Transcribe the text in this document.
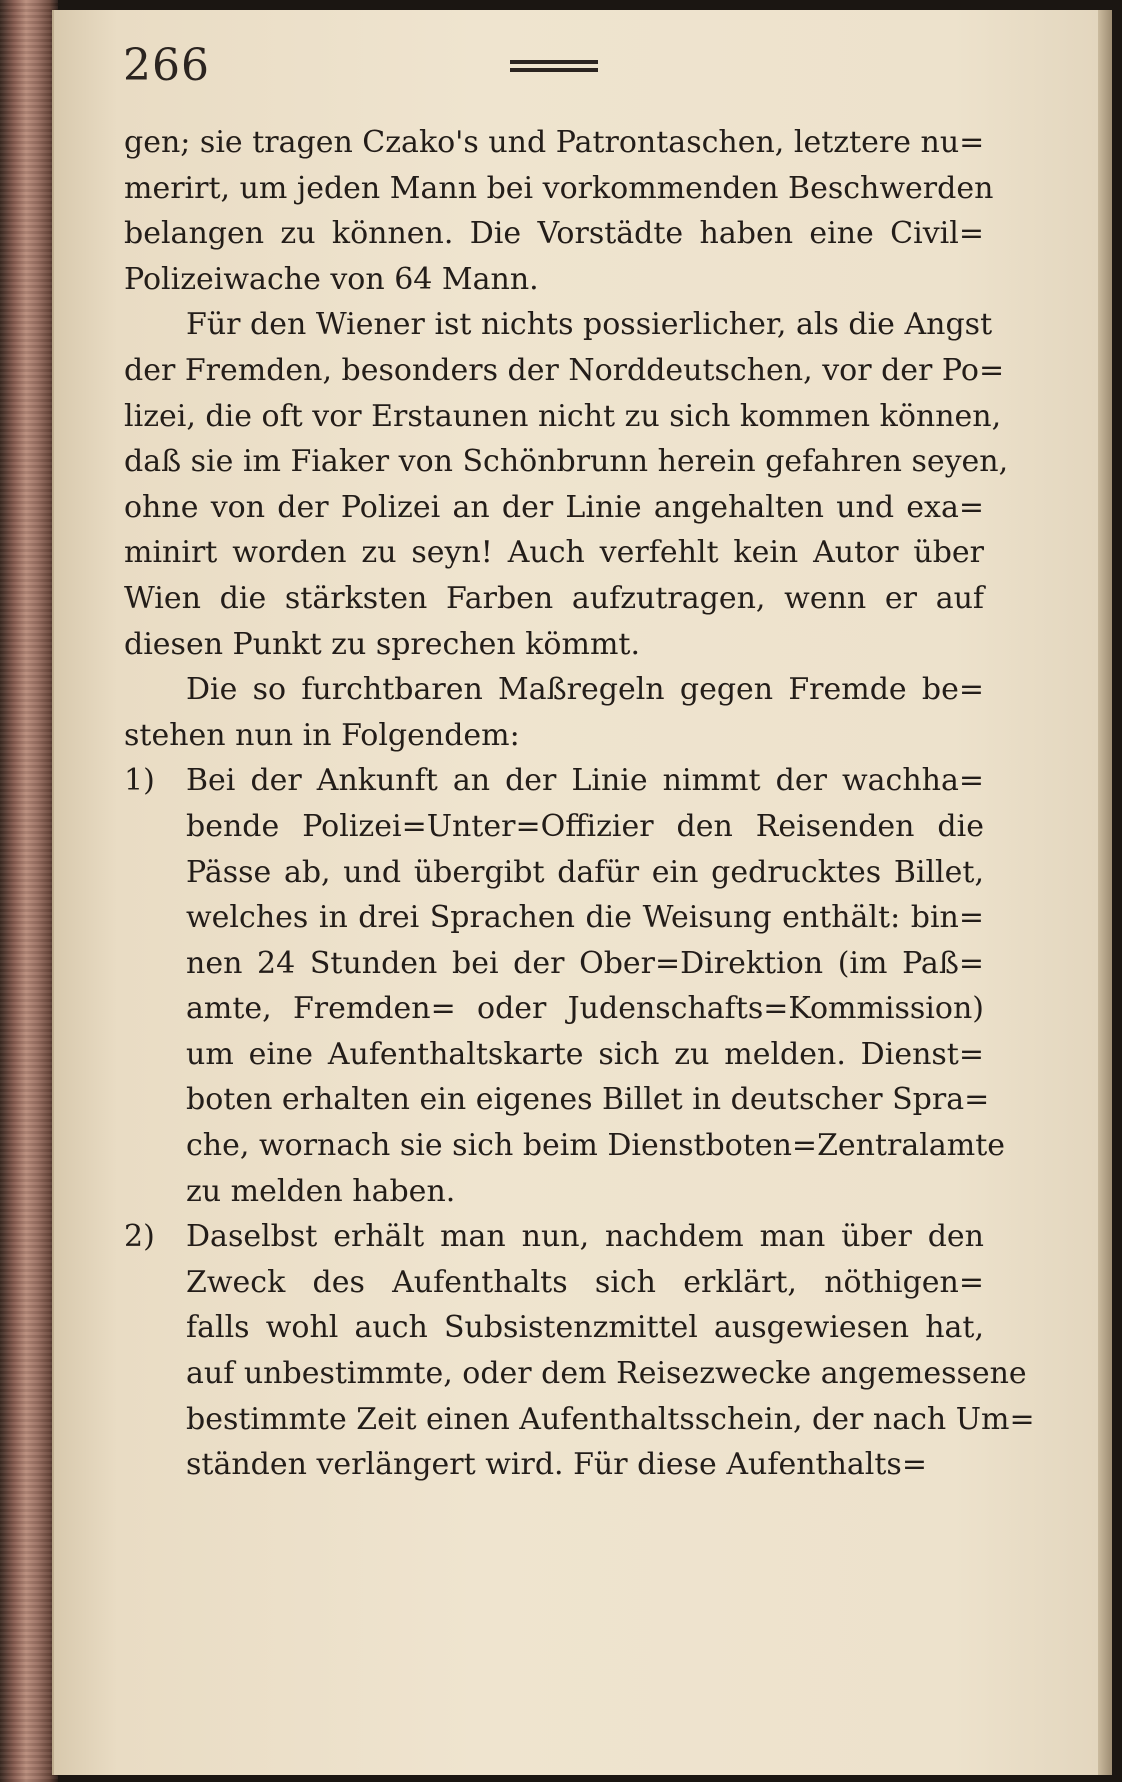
266
gen; sie tragen Czako's und Patrontaschen, letztere nu=
merirt, um jeden Mann bei vorkommenden Beschwerden
belangen zu können. Die Vorstädte haben eine Civil=
Polizeiwache von 64 Mann.
Für den Wiener ist nichts possierlicher, als die Angst
der Fremden, besonders der Norddeutschen, vor der Po=
lizei, die oft vor Erstaunen nicht zu sich kommen können,
daß sie im Fiaker von Schönbrunn herein gefahren seyen,
ohne von der Polizei an der Linie angehalten und exa=
minirt worden zu seyn! Auch verfehlt kein Autor über
Wien die stärksten Farben aufzutragen, wenn er auf
diesen Punkt zu sprechen kömmt.
Die so furchtbaren Maßregeln gegen Fremde be=
stehen nun in Folgendem:
1) Bei der Ankunft an der Linie nimmt der wachha=
bende Polizei=Unter=Offizier den Reisenden die
Pässe ab, und übergibt dafür ein gedrucktes Billet,
welches in drei Sprachen die Weisung enthält: bin=
nen 24 Stunden bei der Ober=Direktion (im Paß=
amte, Fremden= oder Judenschafts=Kommission)
um eine Aufenthaltskarte sich zu melden. Dienst=
boten erhalten ein eigenes Billet in deutscher Spra=
che, wornach sie sich beim Dienstboten=Zentralamte
zu melden haben.
2) Daselbst erhält man nun, nachdem man über den
Zweck des Aufenthalts sich erklärt, nöthigen=
falls wohl auch Subsistenzmittel ausgewiesen hat,
auf unbestimmte, oder dem Reisezwecke angemessene
bestimmte Zeit einen Aufenthaltsschein, der nach Um=
ständen verlängert wird. Für diese Aufenthalts=
